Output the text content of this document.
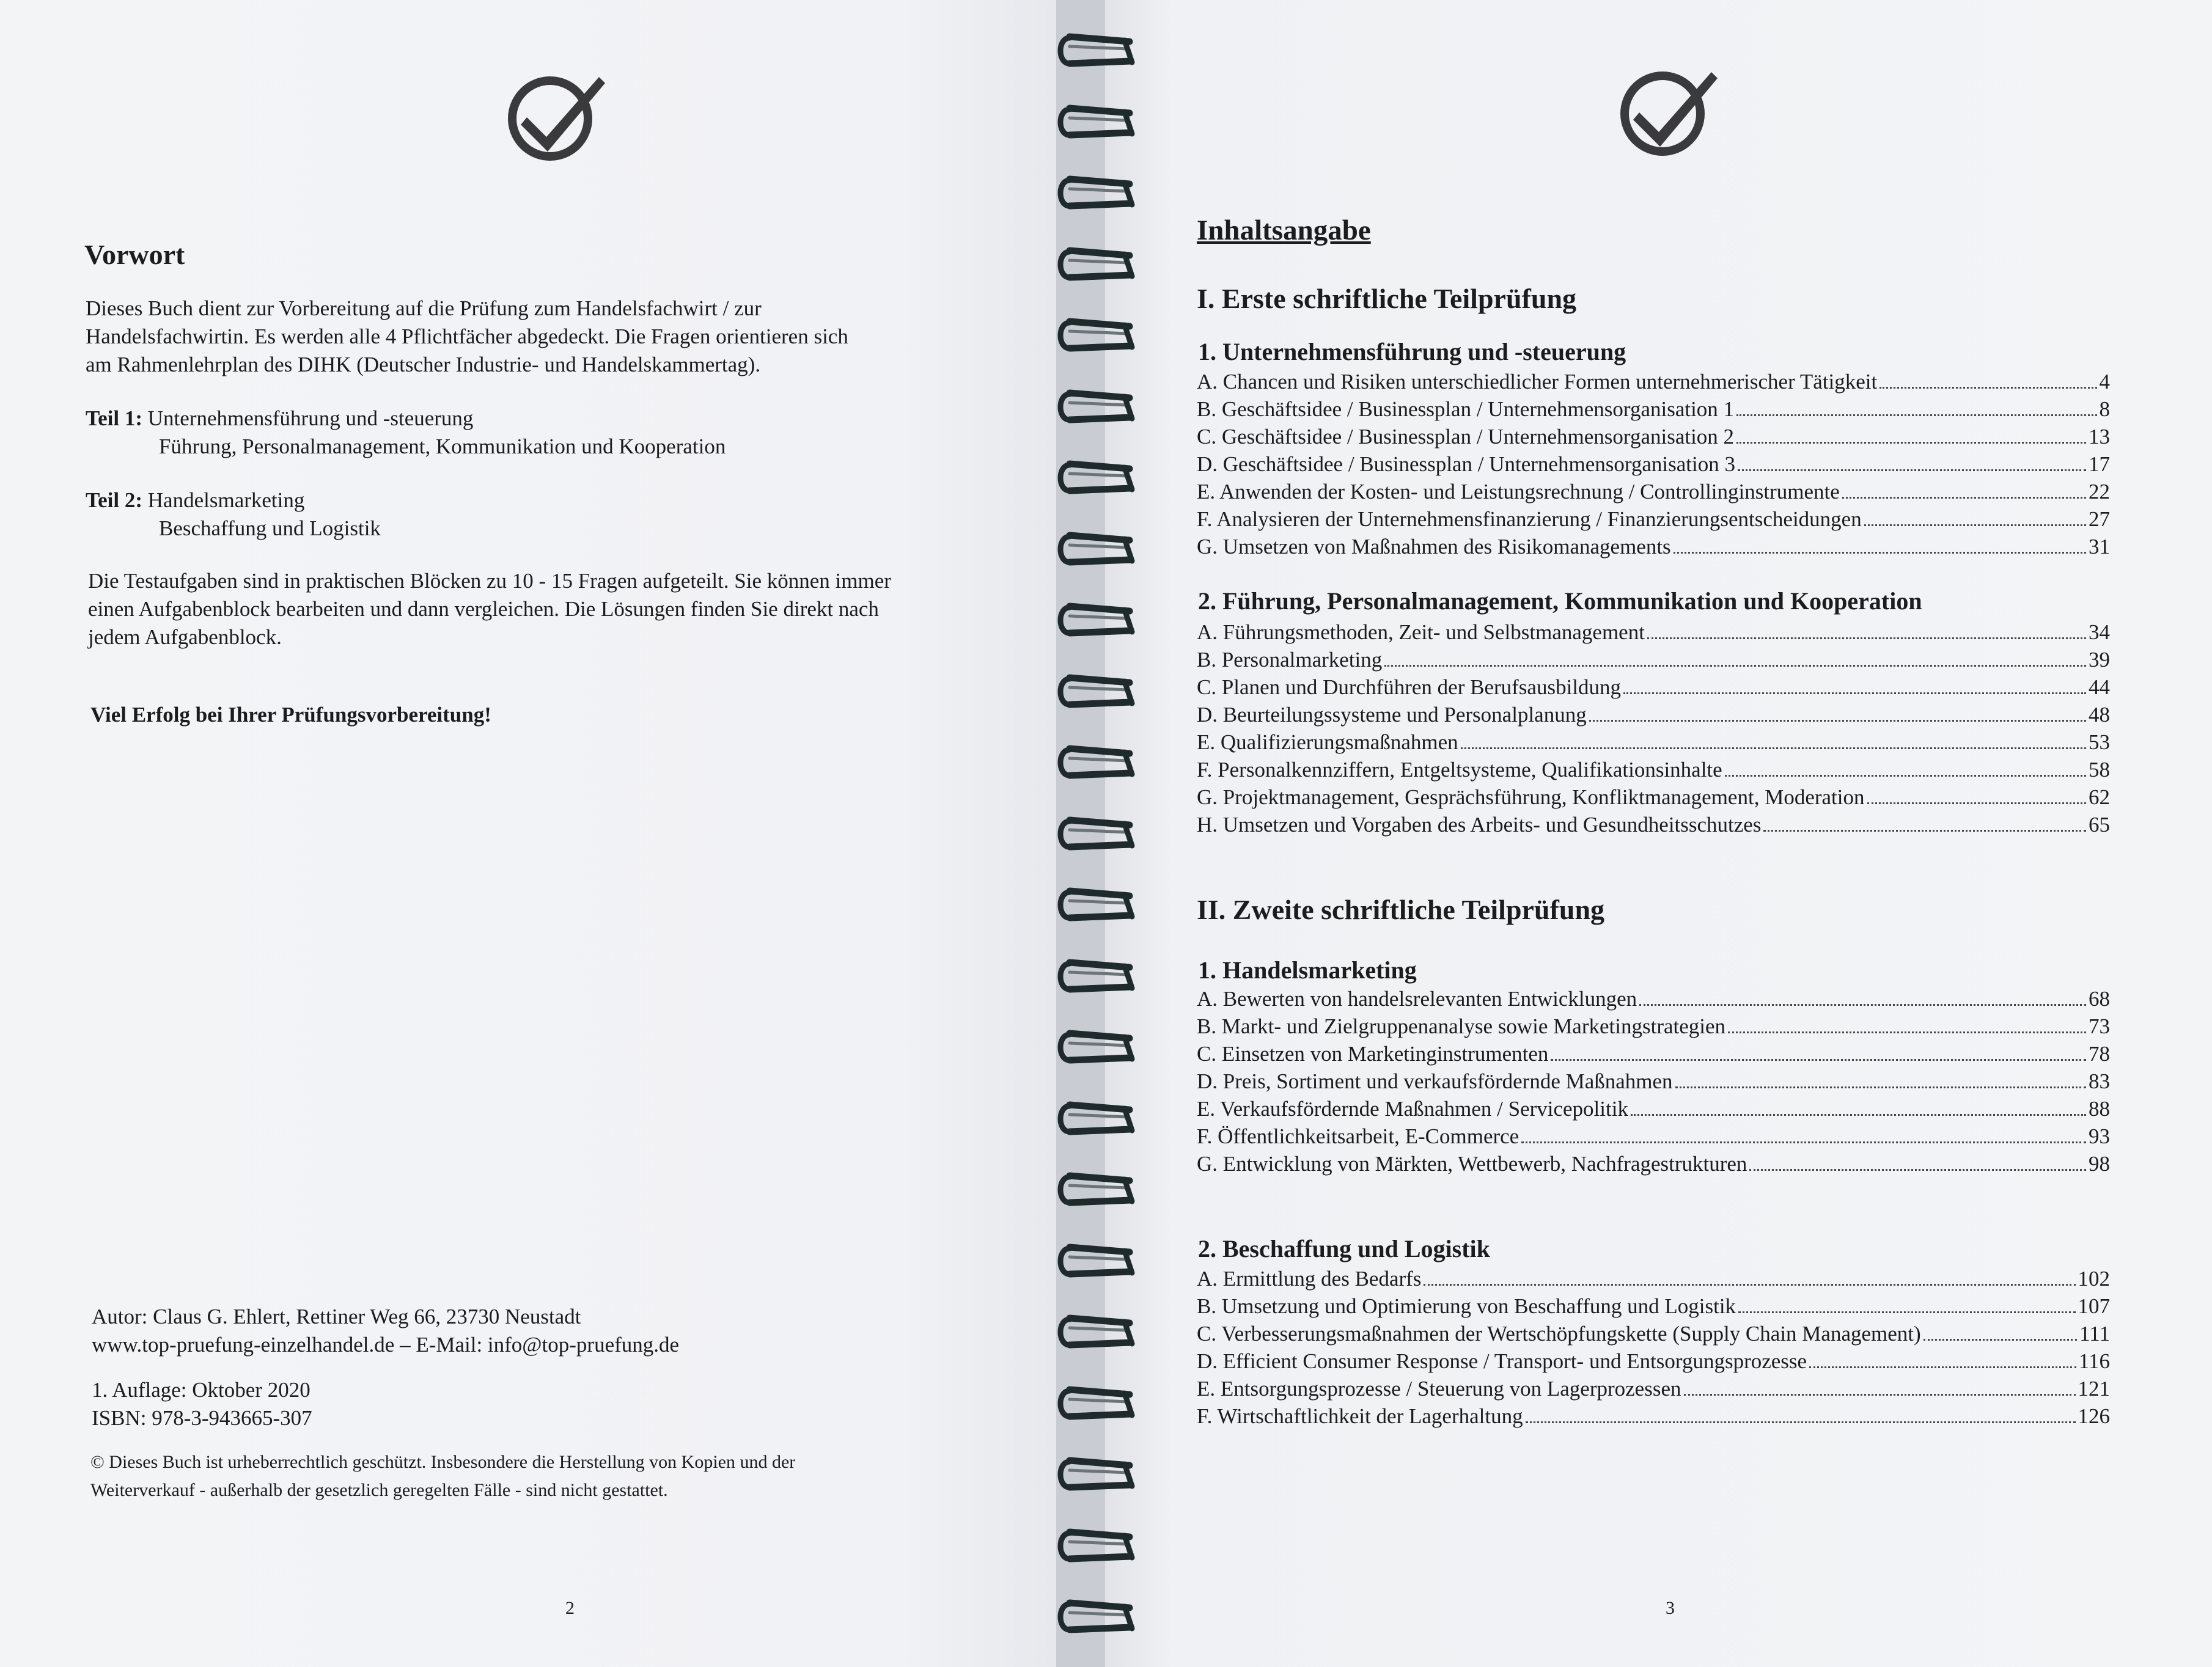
Vorwort
Dieses Buch dient zur Vorbereitung auf die Prüfung zum Handelsfachwirt / zur
Handelsfachwirtin. Es werden alle 4 Pflichtfächer abgedeckt. Die Fragen orientieren sich
am Rahmenlehrplan des DIHK (Deutscher Industrie- und Handelskammertag).
Teil 1: Unternehmensführung und -steuerung
Führung, Personalmanagement, Kommunikation und Kooperation
Teil 2: Handelsmarketing
Beschaffung und Logistik
Die Testaufgaben sind in praktischen Blöcken zu 10 - 15 Fragen aufgeteilt. Sie können immer
einen Aufgabenblock bearbeiten und dann vergleichen. Die Lösungen finden Sie direkt nach
jedem Aufgabenblock.
Viel Erfolg bei Ihrer Prüfungsvorbereitung!
Autor: Claus G. Ehlert, Rettiner Weg 66, 23730 Neustadt
www.top-pruefung-einzelhandel.de – E-Mail: info@top-pruefung.de
1. Auflage: Oktober 2020
ISBN: 978-3-943665-307
© Dieses Buch ist urheberrechtlich geschützt. Insbesondere die Herstellung von Kopien und der
Weiterverkauf - außerhalb der gesetzlich geregelten Fälle - sind nicht gestattet.
2
Inhaltsangabe
I. Erste schriftliche Teilprüfung
1. Unternehmensführung und -steuerung
A. Chancen und Risiken unterschiedlicher Formen unternehmerischer Tätigkeit	4
B. Geschäftsidee / Businessplan / Unternehmensorganisation 1	8
C. Geschäftsidee / Businessplan / Unternehmensorganisation 2	13
D. Geschäftsidee / Businessplan / Unternehmensorganisation 3	17
E. Anwenden der Kosten- und Leistungsrechnung / Controllinginstrumente	22
F. Analysieren der Unternehmensfinanzierung / Finanzierungsentscheidungen	27
G. Umsetzen von Maßnahmen des Risikomanagements	31
2. Führung, Personalmanagement, Kommunikation und Kooperation
A. Führungsmethoden, Zeit- und Selbstmanagement	34
B. Personalmarketing	39
C. Planen und Durchführen der Berufsausbildung	44
D. Beurteilungssysteme und Personalplanung	48
E. Qualifizierungsmaßnahmen	53
F. Personalkennziffern, Entgeltsysteme, Qualifikationsinhalte	58
G. Projektmanagement, Gesprächsführung, Konfliktmanagement, Moderation	62
H. Umsetzen und Vorgaben des Arbeits- und Gesundheitsschutzes	65
II. Zweite schriftliche Teilprüfung
1. Handelsmarketing
A. Bewerten von handelsrelevanten Entwicklungen	68
B. Markt- und Zielgruppenanalyse sowie Marketingstrategien	73
C. Einsetzen von Marketinginstrumenten	78
D. Preis, Sortiment und verkaufsfördernde Maßnahmen	83
E. Verkaufsfördernde Maßnahmen / Servicepolitik	88
F. Öffentlichkeitsarbeit, E-Commerce	93
G. Entwicklung von Märkten, Wettbewerb, Nachfragestrukturen	98
2. Beschaffung und Logistik
A. Ermittlung des Bedarfs	102
B. Umsetzung und Optimierung von Beschaffung und Logistik	107
C. Verbesserungsmaßnahmen der Wertschöpfungskette (Supply Chain Management)	111
D. Efficient Consumer Response / Transport- und Entsorgungsprozesse	116
E. Entsorgungsprozesse / Steuerung von Lagerprozessen	121
F. Wirtschaftlichkeit der Lagerhaltung	126
3
